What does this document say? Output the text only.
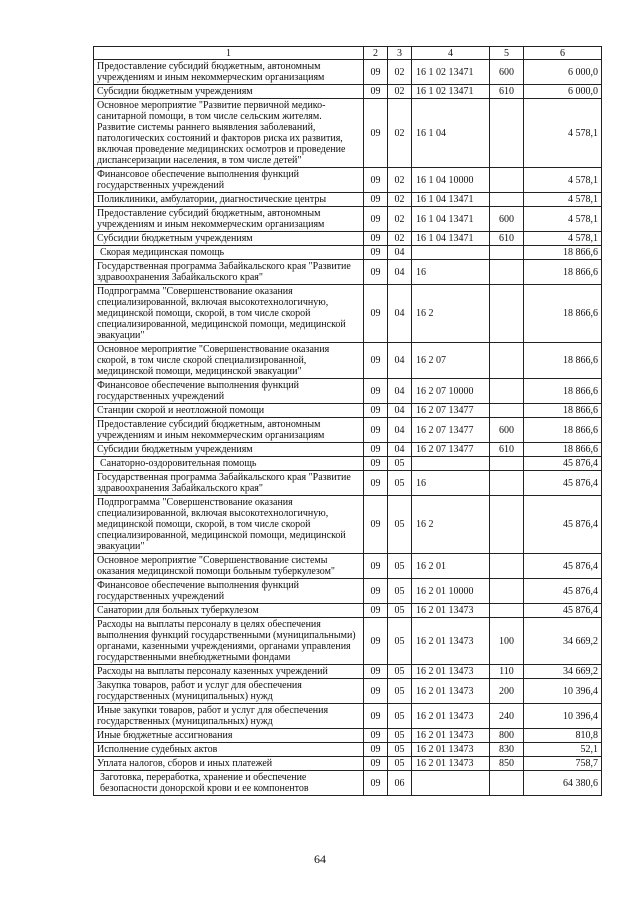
1	2	3	4	5	6
Предоставление субсидий бюджетным, автономным учреждениям и иным некоммерческим организациям	09	02	16 1 02 13471	600	6 000,0
Субсидии бюджетным учреждениям	09	02	16 1 02 13471	610	6 000,0
Основное мероприятие "Развитие первичной медико-санитарной помощи, в том числе сельским жителям. Развитие системы раннего выявления заболеваний, патологических состояний и факторов риска их развития, включая проведение медицинских осмотров и проведение диспансеризации населения, в том числе детей"	09	02	16 1 04		4 578,1
Финансовое обеспечение выполнения функций государственных учреждений	09	02	16 1 04 10000		4 578,1
Поликлиники, амбулатории, диагностические центры	09	02	16 1 04 13471		4 578,1
Предоставление субсидий бюджетным, автономным учреждениям и иным некоммерческим организациям	09	02	16 1 04 13471	600	4 578,1
Субсидии бюджетным учреждениям	09	02	16 1 04 13471	610	4 578,1
Скорая медицинская помощь	09	04			18 866,6
Государственная программа Забайкальского края "Развитие здравоохранения Забайкальского края"	09	04	16		18 866,6
Подпрограмма "Совершенствование оказания специализированной, включая высокотехнологичную, медицинской помощи, скорой, в том числе скорой специализированной, медицинской помощи, медицинской эвакуации"	09	04	16 2		18 866,6
Основное мероприятие "Совершенствование оказания скорой, в том числе скорой специализированной, медицинской помощи, медицинской эвакуации"	09	04	16 2 07		18 866,6
Финансовое обеспечение выполнения функций государственных учреждений	09	04	16 2 07 10000		18 866,6
Станции скорой и неотложной помощи	09	04	16 2 07 13477		18 866,6
Предоставление субсидий бюджетным, автономным учреждениям и иным некоммерческим организациям	09	04	16 2 07 13477	600	18 866,6
Субсидии бюджетным учреждениям	09	04	16 2 07 13477	610	18 866,6
Санаторно-оздоровительная помощь	09	05			45 876,4
Государственная программа Забайкальского края "Развитие здравоохранения Забайкальского края"	09	05	16		45 876,4
Подпрограмма "Совершенствование оказания специализированной, включая высокотехнологичную, медицинской помощи, скорой, в том числе скорой специализированной, медицинской помощи, медицинской эвакуации"	09	05	16 2		45 876,4
Основное мероприятие "Совершенствование системы оказания медицинской помощи больным туберкулезом"	09	05	16 2 01		45 876,4
Финансовое обеспечение выполнения функций государственных учреждений	09	05	16 2 01 10000		45 876,4
Санатории для больных туберкулезом	09	05	16 2 01 13473		45 876,4
Расходы на выплаты персоналу в целях обеспечения выполнения функций государственными (муниципальными) органами, казенными учреждениями, органами управления государственными внебюджетными фондами	09	05	16 2 01 13473	100	34 669,2
Расходы на выплаты персоналу казенных учреждений	09	05	16 2 01 13473	110	34 669,2
Закупка товаров, работ и услуг для обеспечения государственных (муниципальных) нужд	09	05	16 2 01 13473	200	10 396,4
Иные закупки товаров, работ и услуг для обеспечения государственных (муниципальных) нужд	09	05	16 2 01 13473	240	10 396,4
Иные бюджетные ассигнования	09	05	16 2 01 13473	800	810,8
Исполнение судебных актов	09	05	16 2 01 13473	830	52,1
Уплата налогов, сборов и иных платежей	09	05	16 2 01 13473	850	758,7
Заготовка, переработка, хранение и обеспечение безопасности донорской крови и ее компонентов	09	06			64 380,6
64
